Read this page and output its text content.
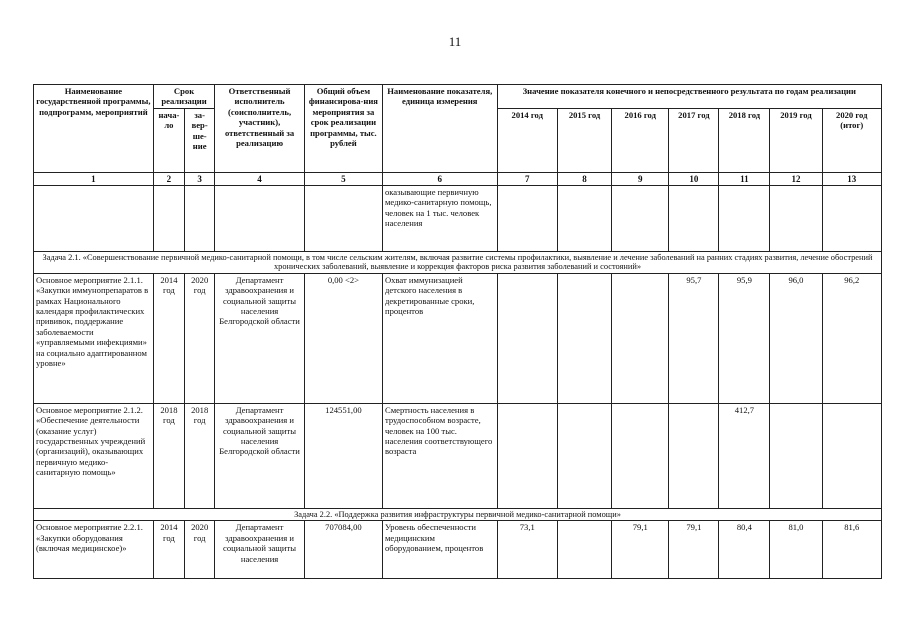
11
Наименование государственной программы, подпрограмм, мероприятий	Срок реализации		Ответственный исполнитель (соисполнитель, участник), ответственный за реализацию	Общий объем финансирова-ния мероприятия за срок реализации программы, тыс. рублей	Наименование показателя, единица измерения	Значение показателя конечного и непосредственного результата по годам реализации						
	нача-ло	за-вер-ше-ние				2014 год	2015 год	2016 год	2017 год	2018 год	2019 год	2020 год (итог)
1	2	3	4	5	6	7	8	9	10	11	12	13
					оказывающие первичную медико-санитарную помощь, человек на 1 тыс. человек населения							
Задача 2.1. «Совершенствование первичной медико-санитарной помощи, в том числе сельским жителям, включая развитие системы профилактики, выявление и лечение заболеваний на ранних стадиях развития, лечение обострений хронических заболеваний, выявление и коррекция факторов риска развития заболеваний и состояний»												
Основное мероприятие 2.1.1. «Закупки иммунопрепаратов в рамках Национального календаря профилактических прививок, поддержание заболеваемости «управляемыми инфекциями» на социально адаптированном уровне»	2014 год	2020 год	Департамент здравоохранения и социальной защиты населения Белгородской области	0,00 <2>	Охват иммунизацией детского населения в декретированные сроки, процентов				95,7	95,9	96,0	96,2
Основное мероприятие 2.1.2. «Обеспечение деятельности (оказание услуг) государственных учреждений (организаций), оказывающих первичную медико-санитарную помощь»	2018 год	2018 год	Департамент здравоохранения и социальной защиты населения Белгородской области	124551,00	Смертность населения в трудоспособном возрасте, человек на 100 тыс. населения соответствующего возраста					412,7		
Задача 2.2. «Поддержка развития инфраструктуры первичной медико-санитарной помощи»												
Основное мероприятие 2.2.1. «Закупки оборудования (включая медицинское)»	2014 год	2020 год	Департамент здравоохранения и социальной защиты населения	707084,00	Уровень обеспеченности медицинским оборудованием, процентов	73,1		79,1	79,1	80,4	81,0	81,6
